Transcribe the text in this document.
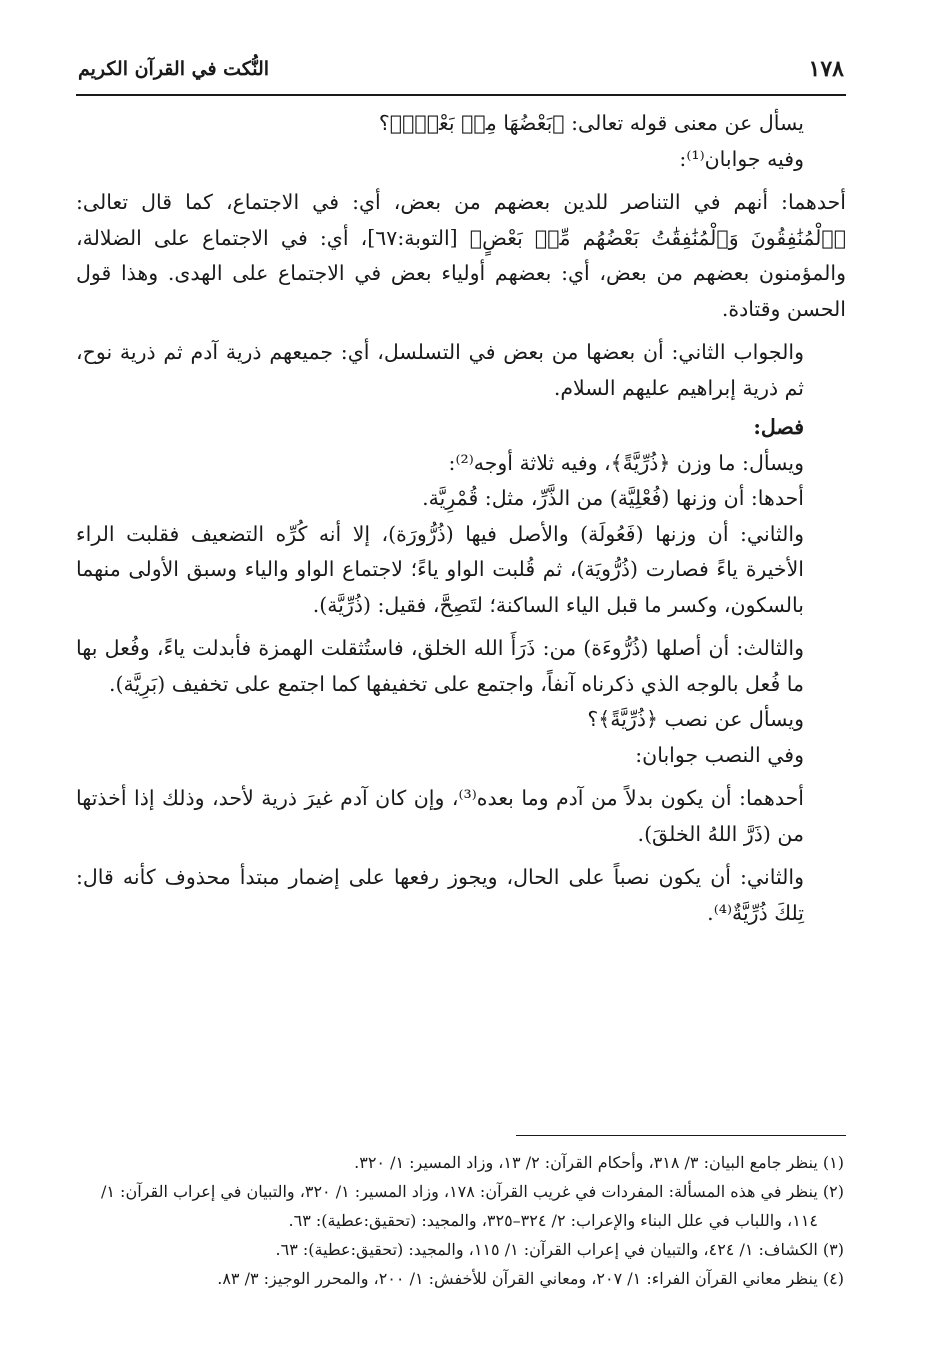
١٧٨
النُّكت في القرآن الكريم

يسأل عن معنى قوله تعالى: ﴿بَعْضُهَا مِنۢ بَعْضٍۗ﴾؟

وفيه جوابان⁽¹⁾:

أحدهما: أنهم في التناصر للدين بعضهم من بعض، أي: في الاجتماع، كما قال تعالى: ﴿ٱلْمُنَٰفِقُونَ وَٱلْمُنَٰفِقَٰتُ بَعْضُهُم مِّنۢ بَعْضٍ﴾ [التوبة:٦٧]، أي: في الاجتماع على الضلالة، والمؤمنون بعضهم من بعض، أي: بعضهم أولياء بعض في الاجتماع على الهدى. وهذا قول الحسن وقتادة.

والجواب الثاني: أن بعضها من بعض في التسلسل، أي: جميعهم ذرية آدم ثم ذرية نوح، ثم ذرية إبراهيم عليهم السلام.

فصل:

ويسأل: ما وزن ﴿ذُرِّيَّةً﴾، وفيه ثلاثة أوجه⁽²⁾:

أحدها: أن وزنها (فُعْلِيَّة) من الذَّرِّ، مثل: قُمْرِيَّة.

والثاني: أن وزنها (فَعُولَة) والأصل فيها (ذُرُّورَة)، إلا أنه كُرِّه التضعيف فقلبت الراء الأخيرة ياءً فصارت (ذُرُّويَة)، ثم قُلبت الواو ياءً؛ لاجتماع الواو والياء وسبق الأولى منهما بالسكون، وكسر ما قبل الياء الساكنة؛ لتَصِحَّ، فقيل: (ذُرِّيَّة).

والثالث: أن أصلها (ذُرُّوءَة) من: ذَرَأَ الله الخلق، فاستُثقلت الهمزة فأبدلت ياءً، وفُعل بها ما فُعل بالوجه الذي ذكرناه آنفاً، واجتمع على تخفيفها كما اجتمع على تخفيف (بَرِيَّة).

ويسأل عن نصب ﴿ذُرِّيَّةً﴾؟

وفي النصب جوابان:

أحدهما: أن يكون بدلاً من آدم وما بعده⁽³⁾، وإن كان آدم غيرَ ذرية لأحد، وذلك إذا أخذتها من (ذَرَّ اللهُ الخلقَ).

والثاني: أن يكون نصباً على الحال، ويجوز رفعها على إضمار مبتدأ محذوف كأنه قال: تِلكَ ذُرِّيَّةٌ⁽⁴⁾.

(١) ينظر جامع البيان: ٣/ ٣١٨، وأحكام القرآن: ٢/ ١٣، وزاد المسير: ١/ ٣٢٠.

(٢) ينظر في هذه المسألة: المفردات في غريب القرآن: ١٧٨، وزاد المسير: ١/ ٣٢٠، والتبيان في إعراب القرآن: ١/

١١٤، واللباب في علل البناء والإعراب: ٢/ ٣٢٤–٣٢٥، والمجيد: (تحقيق:عطية): ٦٣.

(٣) الكشاف: ١/ ٤٢٤، والتبيان في إعراب القرآن: ١/ ١١٥، والمجيد: (تحقيق:عطية): ٦٣.

(٤) ينظر معاني القرآن الفراء: ١/ ٢٠٧، ومعاني القرآن للأخفش: ١/ ٢٠٠، والمحرر الوجيز: ٣/ ٨٣.
